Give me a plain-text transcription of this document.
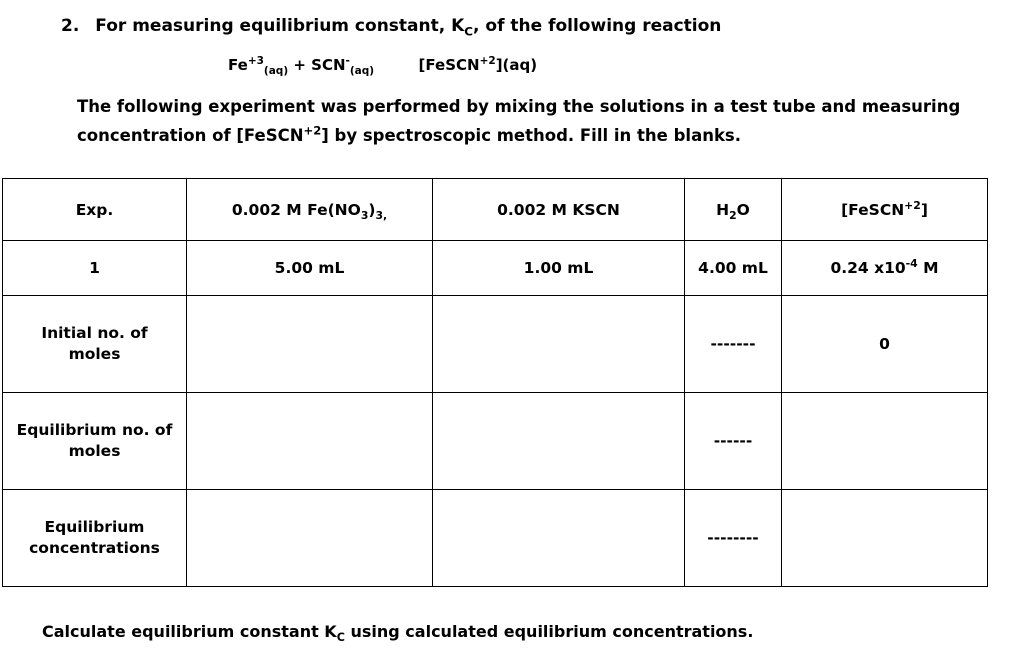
2. For measuring equilibrium constant, $K_C$, of the following reaction
$Fe^{+3}_{(aq)} + SCN^-_{(aq)}$	[FeSCN$^{+2}$](aq)
The following experiment was performed by mixing the solutions in a test tube and measuring
concentration of [FeSCN$^{+2}$] by spectroscopic method. Fill in the blanks.
Exp.	0.002 M $Fe(NO_3)_{3,}$	0.002 M KSCN	$H_2O$	[FeSCN$^{+2}$]
1	5.00 mL	1.00 mL	4.00 mL	0.24 $x10^{-4}$ M

Initial no. of
moles			-------	0

Equilibrium no. of
moles			------	

Equilibrium
concentrations			--------	
Calculate equilibrium constant $K_C$ using calculated equilibrium concentrations.
